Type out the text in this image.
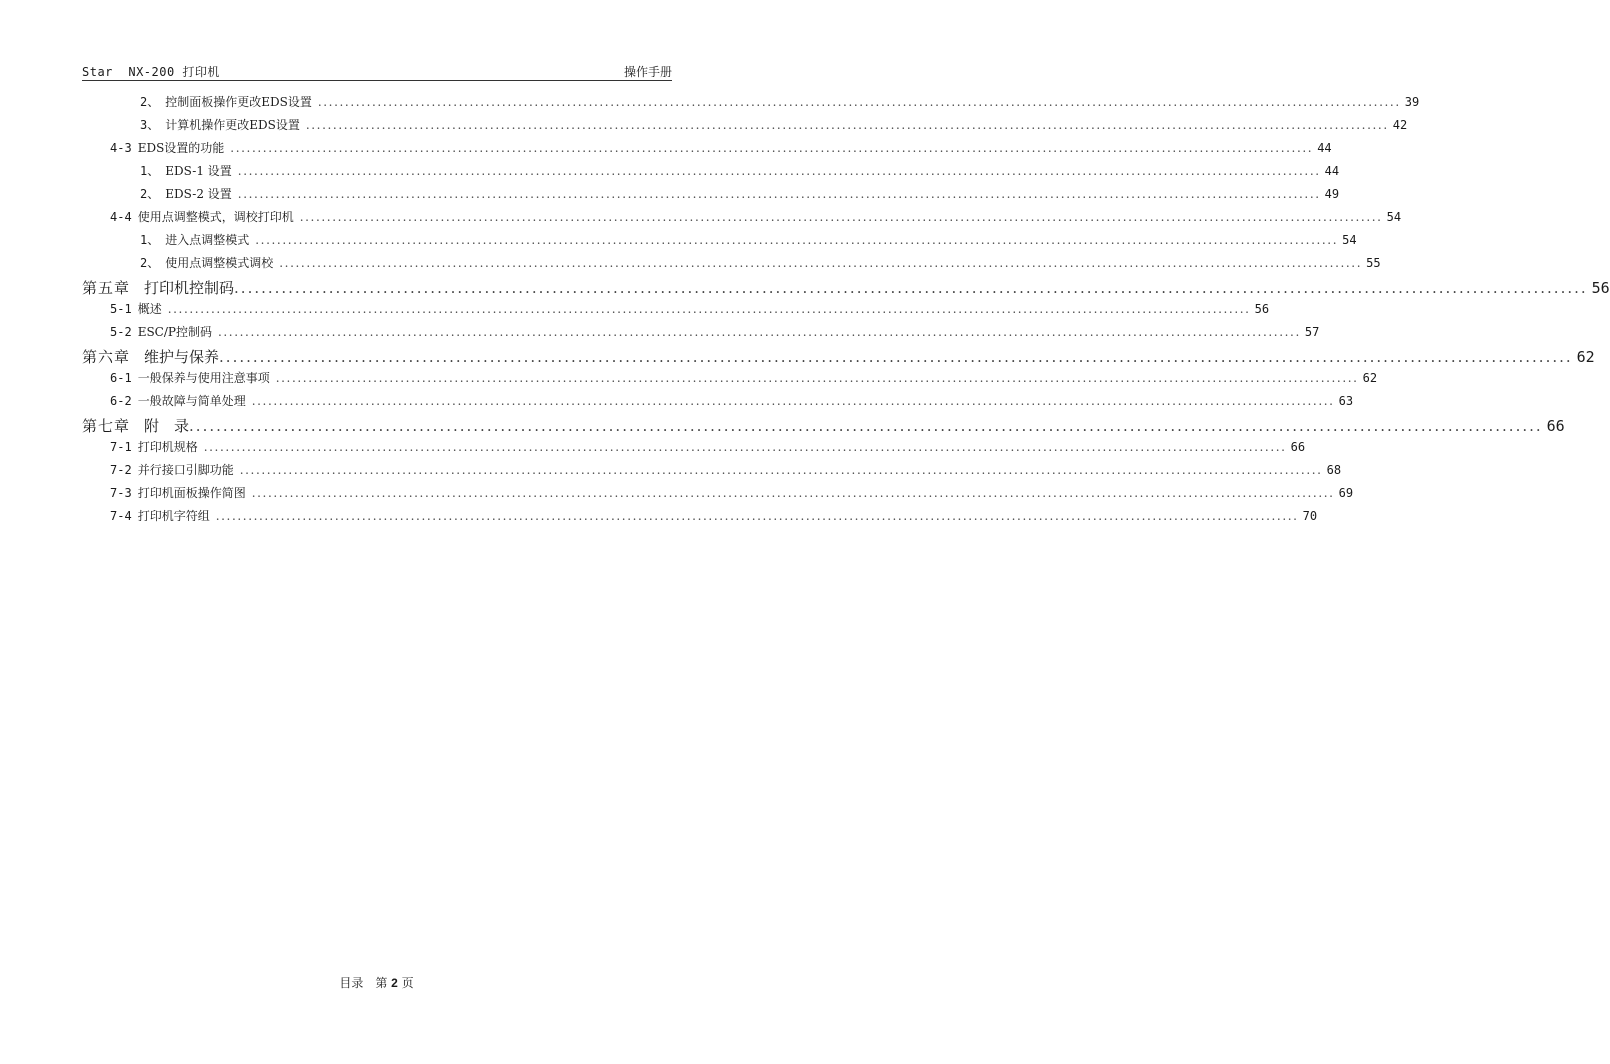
Star  NX-200 打印机	操作手册
2、 控制面板操作更改EDS设置 ........................................................................................................................................................................................................ 39
3、 计算机操作更改EDS设置 ........................................................................................................................................................................................................ 42
4-3 EDS设置的功能 ........................................................................................................................................................................................................ 44
1、 EDS-1 设置 ........................................................................................................................................................................................................ 44
2、 EDS-2 设置 ........................................................................................................................................................................................................ 49
4-4 使用点调整模式，调校打印机 ........................................................................................................................................................................................................ 54
1、 进入点调整模式 ........................................................................................................................................................................................................ 54
2、 使用点调整模式调校 ........................................................................................................................................................................................................ 55
第五章 打印机控制码 ........................................................................................................................................................................................................ 56
5-1 概述 ........................................................................................................................................................................................................ 56
5-2 ESC/P控制码 ........................................................................................................................................................................................................ 57
第六章 维护与保养 ........................................................................................................................................................................................................ 62
6-1 一般保养与使用注意事项 ........................................................................................................................................................................................................ 62
6-2 一般故障与简单处理 ........................................................................................................................................................................................................ 63
第七章 附　录 ........................................................................................................................................................................................................ 66
7-1 打印机规格 ........................................................................................................................................................................................................ 66
7-2 并行接口引脚功能 ........................................................................................................................................................................................................ 68
7-3 打印机面板操作简图 ........................................................................................................................................................................................................ 69
7-4 打印机字符组 ........................................................................................................................................................................................................ 70
目录　第 2 页
